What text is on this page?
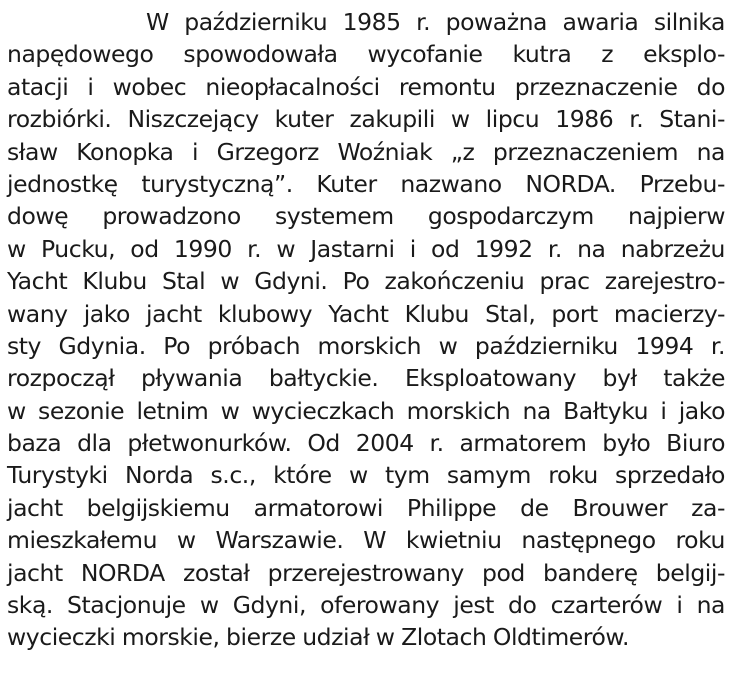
W październiku 1985 r. poważna awaria silnika
napędowego spowodowała wycofanie kutra z eksplo-
atacji i wobec nieopłacalności remontu przeznaczenie do
rozbiórki. Niszczejący kuter zakupili w lipcu 1986 r. Stani-
sław Konopka i Grzegorz Woźniak „z przeznaczeniem na
jednostkę turystyczną”. Kuter nazwano NORDA. Przebu-
dowę prowadzono systemem gospodarczym najpierw
w Pucku, od 1990 r. w Jastarni i od 1992 r. na nabrzeżu
Yacht Klubu Stal w Gdyni. Po zakończeniu prac zarejestro-
wany jako jacht klubowy Yacht Klubu Stal, port macierzy-
sty Gdynia. Po próbach morskich w październiku 1994 r.
rozpoczął pływania bałtyckie. Eksploatowany był także
w sezonie letnim w wycieczkach morskich na Bałtyku i jako
baza dla płetwonurków. Od 2004 r. armatorem było Biuro
Turystyki Norda s.c., które w tym samym roku sprzedało
jacht belgijskiemu armatorowi Philippe de Brouwer za-
mieszkałemu w Warszawie. W kwietniu następnego roku
jacht NORDA został przerejestrowany pod banderę belgij-
ską. Stacjonuje w Gdyni, oferowany jest do czarterów i na
wycieczki morskie, bierze udział w Zlotach Oldtimerów.
